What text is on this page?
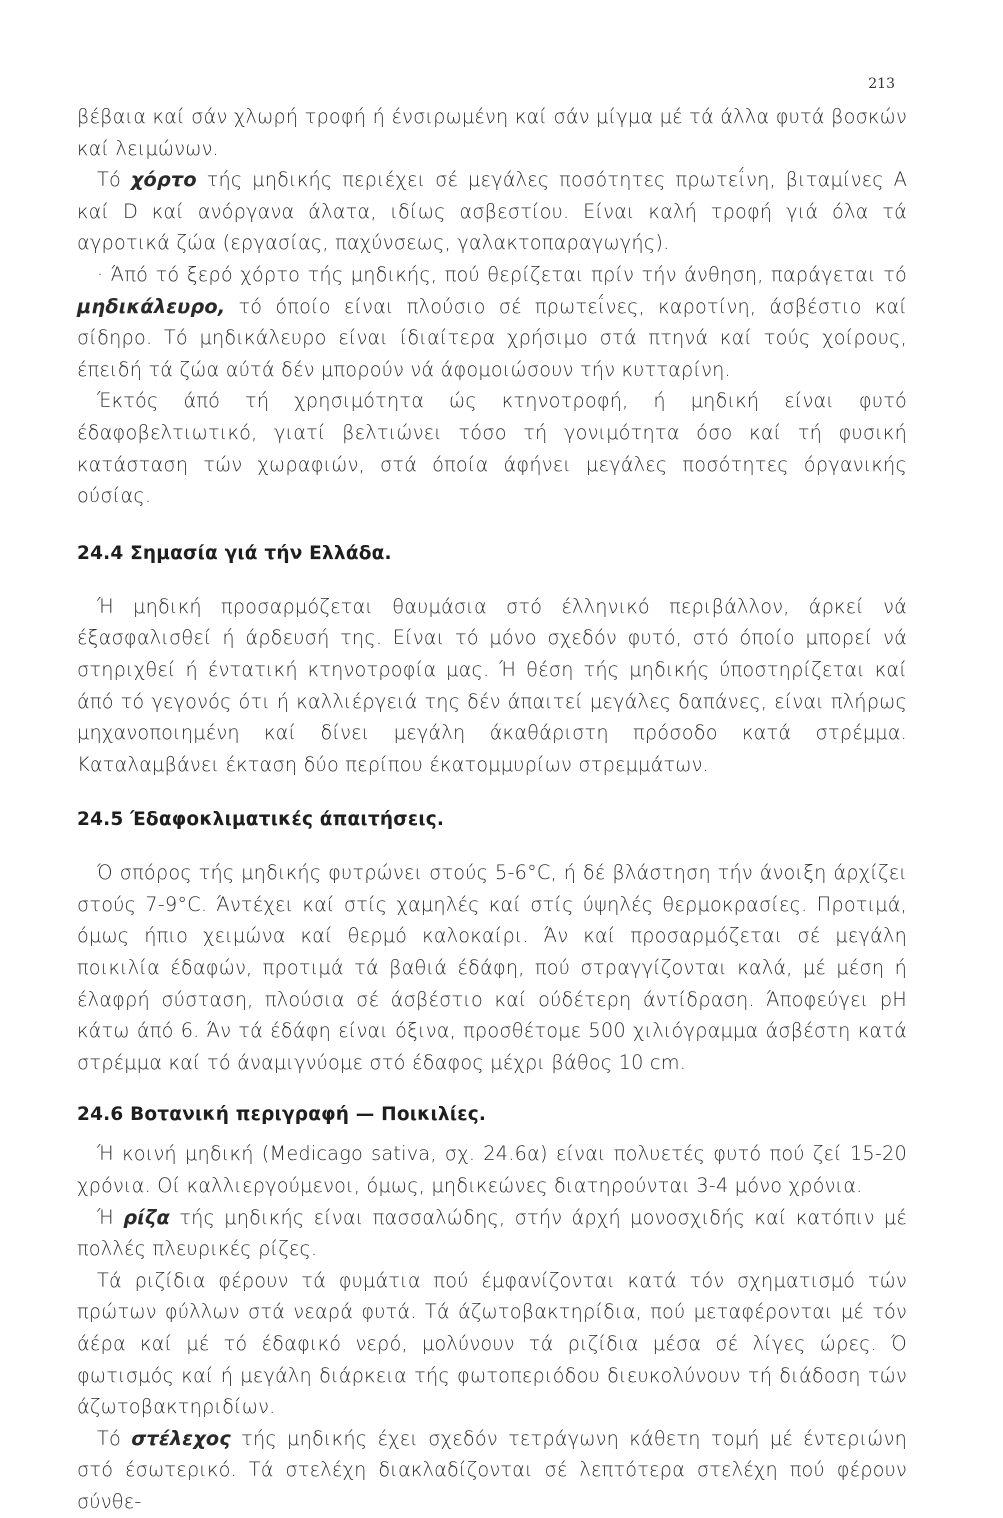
213

βέβαια καί σάν χλωρή τροφή ή ένσιρωμένη καί σάν μίγμα μέ τά άλλα φυτά βοσκών καί λειμώνων.

Τό χόρτο τής μηδικής περιέχει σέ μεγάλες ποσότητες πρωτεΐνη, βιταμίνες Α καί D καί ανόργανα άλατα, ιδίως ασβεστίου. Είναι καλή τροφή γιά όλα τά αγροτικά ζώα (εργασίας, παχύνσεως, γαλακτοπαραγωγής).

· Άπό τό ξερό χόρτο τής μηδικής, πού θερίζεται πρίν τήν άνθηση, παράγεται τό μηδικάλευρο, τό όποίο είναι πλούσιο σέ πρωτεΐνες, καροτίνη, άσβέστιο καί σίδηρο. Τό μηδικάλευρο είναι ίδιαίτερα χρήσιμο στά πτηνά καί τούς χοίρους, έπειδή τά ζώα αύτά δέν μπορούν νά άφομοιώσουν τήν κυτταρίνη.

Έκτός άπό τή χρησιμότητα ώς κτηνοτροφή, ή μηδική είναι φυτό έδαφοβελτιωτικό, γιατί βελτιώνει τόσο τή γονιμότητα όσο καί τή φυσική κατάσταση τών χωραφιών, στά όποία άφήνει μεγάλες ποσότητες όργανικής ούσίας.

24.4 Σημασία γιά τήν Ελλάδα.

Ή μηδική προσαρμόζεται θαυμάσια στό έλληνικό περιβάλλον, άρκεί νά έξασφαλισθεί ή άρδευσή της. Είναι τό μόνο σχεδόν φυτό, στό όποίο μπορεί νά στηριχθεί ή έντατική κτηνοτροφία μας. Ή θέση τής μηδικής ύποστηρίζεται καί άπό τό γεγονός ότι ή καλλιέργειά της δέν άπαιτεί μεγάλες δαπάνες, είναι πλήρως μηχανοποιημένη καί δίνει μεγάλη άκαθάριστη πρόσοδο κατά στρέμμα. Καταλαμβάνει έκταση δύο περίπου έκατομμυρίων στρεμμάτων.

24.5 Έδαφοκλιματικές άπαιτήσεις.

Ό σπόρος τής μηδικής φυτρώνει στούς 5-6°C, ή δέ βλάστηση τήν άνοιξη άρχίζει στούς 7-9°C. Άντέχει καί στίς χαμηλές καί στίς ύψηλές θερμοκρασίες. Προτιμά, όμως ήπιο χειμώνα καί θερμό καλοκαίρι. Άν καί προσαρμόζεται σέ μεγάλη ποικιλία έδαφών, προτιμά τά βαθιά έδάφη, πού στραγγίζονται καλά, μέ μέση ή έλαφρή σύσταση, πλούσια σέ άσβέστιο καί ούδέτερη άντίδραση. Άποφεύγει pH κάτω άπό 6. Άν τά έδάφη είναι όξινα, προσθέτομε 500 χιλιόγραμμα άσβέστη κατά στρέμμα καί τό άναμιγνύομε στό έδαφος μέχρι βάθος 10 cm.

24.6 Βοτανική περιγραφή — Ποικιλίες.

Ή κοινή μηδική (Medicago sativa, σχ. 24.6α) είναι πολυετές φυτό πού ζεί 15-20 χρόνια. Οί καλλιεργούμενοι, όμως, μηδικεώνες διατηρούνται 3-4 μόνο χρόνια.

Ή ρίζα τής μηδικής είναι πασσαλώδης, στήν άρχή μονοσχιδής καί κατόπιν μέ πολλές πλευρικές ρίζες.

Τά ριζίδια φέρουν τά φυμάτια πού έμφανίζονται κατά τόν σχηματισμό τών πρώτων φύλλων στά νεαρά φυτά. Τά άζωτοβακτηρίδια, πού μεταφέρονται μέ τόν άέρα καί μέ τό έδαφικό νερό, μολύνουν τά ριζίδια μέσα σέ λίγες ώρες. Ό φωτισμός καί ή μεγάλη διάρκεια τής φωτοπεριόδου διευκολύνουν τή διάδοση τών άζωτοβακτηριδίων.

Τό στέλεχος τής μηδικής έχει σχεδόν τετράγωνη κάθετη τομή μέ έντεριώνη στό έσωτερικό. Τά στελέχη διακλαδίζονται σέ λεπτότερα στελέχη πού φέρουν σύνθε-
